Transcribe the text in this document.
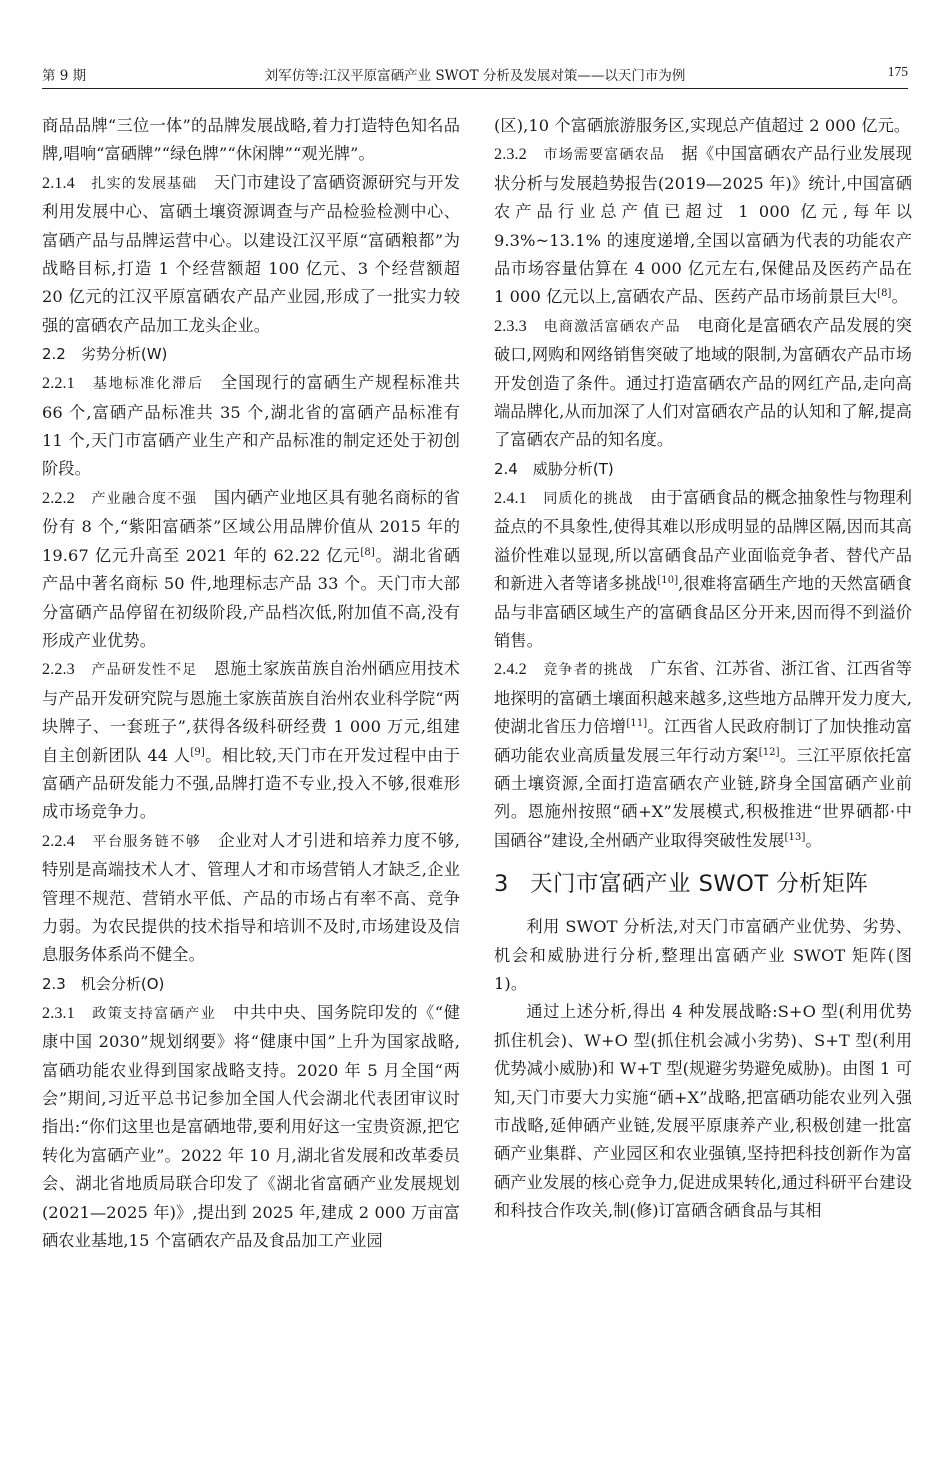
第 9 期	刘军仿等:江汉平原富硒产业 SWOT 分析及发展对策——以天门市为例	175

商品品牌“三位一体”的品牌发展战略,着力打造特色知名品牌,唱响“富硒牌”“绿色牌”“休闲牌”“观光牌”。

2.1.4　 扎实的发展基础　 天门市建设了富硒资源研究与开发利用发展中心、富硒土壤资源调查与产品检验检测中心、富硒产品与品牌运营中心。以建设江汉平原“富硒粮都”为战略目标,打造 1 个经营额超 100 亿元、3 个经营额超 20 亿元的江汉平原富硒农产品产业园,形成了一批实力较强的富硒农产品加工龙头企业。

2.2　劣势分析(W)

2.2.1　 基地标准化滞后　 全国现行的富硒生产规程标准共 66 个,富硒产品标准共 35 个,湖北省的富硒产品标准有 11 个,天门市富硒产业生产和产品标准的制定还处于初创阶段。

2.2.2　 产业融合度不强　 国内硒产业地区具有驰名商标的省份有 8 个,“紫阳富硒茶”区域公用品牌价值从 2015 年的 19.67 亿元升高至 2021 年的 62.22 亿元[8]。湖北省硒产品中著名商标 50 件,地理标志产品 33 个。天门市大部分富硒产品停留在初级阶段,产品档次低,附加值不高,没有形成产业优势。

2.2.3　 产品研发性不足　 恩施土家族苗族自治州硒应用技术与产品开发研究院与恩施土家族苗族自治州农业科学院“两块牌子、一套班子”,获得各级科研经费 1 000 万元,组建自主创新团队 44 人[9]。相比较,天门市在开发过程中由于富硒产品研发能力不强,品牌打造不专业,投入不够,很难形成市场竞争力。

2.2.4　 平台服务链不够　 企业对人才引进和培养力度不够,特别是高端技术人才、管理人才和市场营销人才缺乏,企业管理不规范、营销水平低、产品的市场占有率不高、竞争力弱。为农民提供的技术指导和培训不及时,市场建设及信息服务体系尚不健全。

2.3　机会分析(O)

2.3.1　 政策支持富硒产业　 中共中央、国务院印发的《“健康中国 2030”规划纲要》将“健康中国”上升为国家战略,富硒功能农业得到国家战略支持。2020 年 5 月全国“两会”期间,习近平总书记参加全国人代会湖北代表团审议时指出:“你们这里也是富硒地带,要利用好这一宝贵资源,把它转化为富硒产业”。2022 年 10 月,湖北省发展和改革委员会、湖北省地质局联合印发了《湖北省富硒产业发展规划(2021—2025 年)》,提出到 2025 年,建成 2 000 万亩富硒农业基地,15 个富硒农产品及食品加工产业园

(区),10 个富硒旅游服务区,实现总产值超过 2 000 亿元。

2.3.2　 市场需要富硒农品　 据《中国富硒农产品行业发展现状分析与发展趋势报告(2019—2025 年)》统计,中国富硒农产品行业总产值已超过 1 000 亿元,每年以 9.3%~13.1% 的速度递增,全国以富硒为代表的功能农产品市场容量估算在 4 000 亿元左右,保健品及医药产品在 1 000 亿元以上,富硒农产品、医药产品市场前景巨大[8]。

2.3.3　 电商激活富硒农产品　 电商化是富硒农产品发展的突破口,网购和网络销售突破了地域的限制,为富硒农产品市场开发创造了条件。通过打造富硒农产品的网红产品,走向高端品牌化,从而加深了人们对富硒农产品的认知和了解,提高了富硒农产品的知名度。

2.4　威胁分析(T)

2.4.1　 同质化的挑战　 由于富硒食品的概念抽象性与物理利益点的不具象性,使得其难以形成明显的品牌区隔,因而其高溢价性难以显现,所以富硒食品产业面临竞争者、替代产品和新进入者等诸多挑战[10],很难将富硒生产地的天然富硒食品与非富硒区域生产的富硒食品区分开来,因而得不到溢价销售。

2.4.2　 竞争者的挑战　 广东省、江苏省、浙江省、江西省等地探明的富硒土壤面积越来越多,这些地方品牌开发力度大,使湖北省压力倍增[11]。江西省人民政府制订了加快推动富硒功能农业高质量发展三年行动方案[12]。三江平原依托富硒土壤资源,全面打造富硒农产业链,跻身全国富硒产业前列。恩施州按照“硒+X”发展模式,积极推进“世界硒都·中国硒谷”建设,全州硒产业取得突破性发展[13]。

3 天门市富硒产业 SWOT 分析矩阵

利用 SWOT 分析法,对天门市富硒产业优势、劣势、机会和威胁进行分析,整理出富硒产业 SWOT 矩阵(图 1)。

通过上述分析,得出 4 种发展战略:S+O 型(利用优势抓住机会)、W+O 型(抓住机会减小劣势)、S+T 型(利用优势减小威胁)和 W+T 型(规避劣势避免威胁)。由图 1 可知,天门市要大力实施“硒+X”战略,把富硒功能农业列入强市战略,延伸硒产业链,发展平原康养产业,积极创建一批富硒产业集群、产业园区和农业强镇,坚持把科技创新作为富硒产业发展的核心竞争力,促进成果转化,通过科研平台建设和科技合作攻关,制(修)订富硒含硒食品与其相
